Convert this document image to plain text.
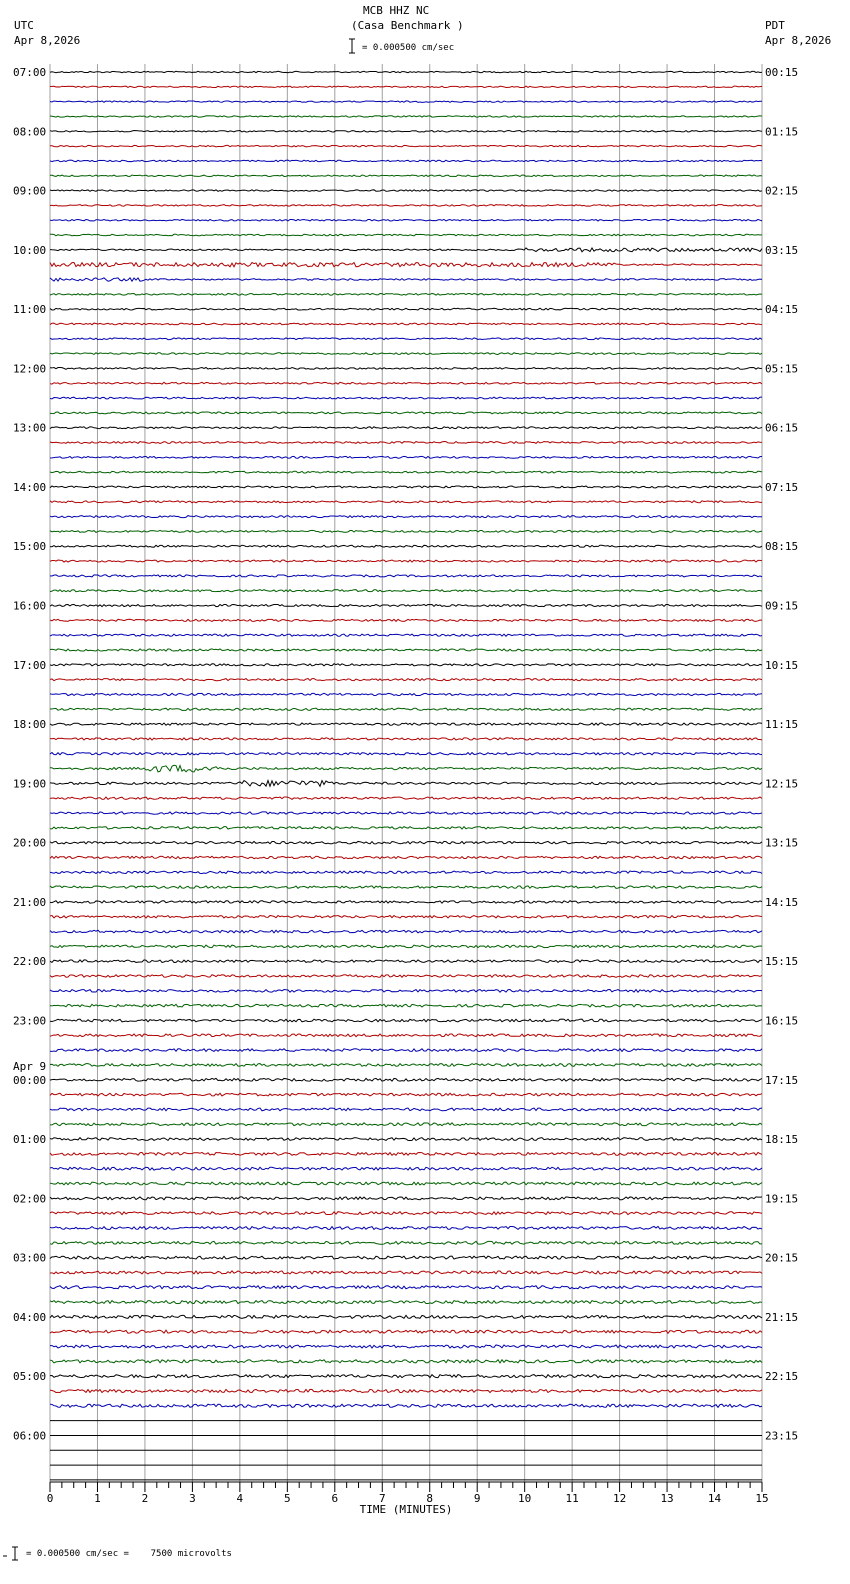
MCB HHZ NC
(Casa Benchmark )
UTC
Apr 8,2026
PDT
Apr 8,2026
= 0.000500 cm/sec
= 0.000500 cm/sec =    7500 microvolts
0	1	2	3	4	5	6	7	8	9	10	11	12	13	14	15
TIME (MINUTES)
07:00
08:00
09:00
10:00
11:00
12:00
13:00
14:00
15:00
16:00
17:00
18:00
19:00
20:00
21:00
22:00
23:00
00:00
01:00
02:00
03:00
04:00
05:00
06:00
00:15
01:15
02:15
03:15
04:15
05:15
06:15
07:15
08:15
09:15
10:15
11:15
12:15
13:15
14:15
15:15
16:15
17:15
18:15
19:15
20:15
21:15
22:15
23:15
Apr 9
